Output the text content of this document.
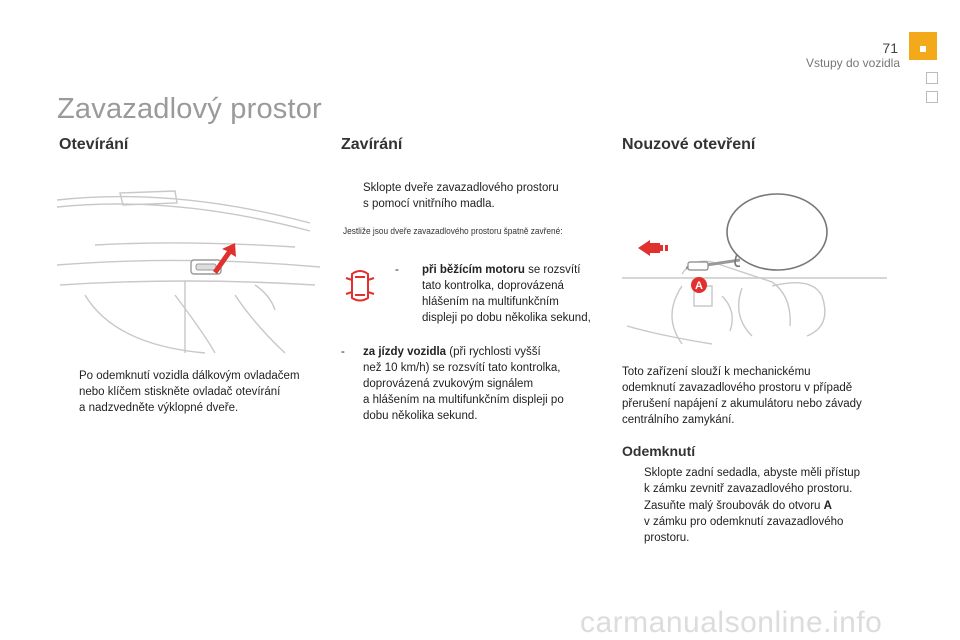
71
Vstupy do vozidla
Zavazadlový prostor
Otevírání
Po odemknutí vozidla dálkovým ovladačem
nebo klíčem stiskněte ovladač otevírání
a nadzvedněte výklopné dveře.
Zavírání
Sklopte dveře zavazadlového prostoru
s pomocí vnitřního madla.
Jestliže jsou dveře zavazadlového prostoru špatně zavřené:
- při běžícím motoru se rozsvítí
tato kontrolka, doprovázená
hlášením na multifunkčním
displeji po dobu několika sekund,
- za jízdy vozidla (při rychlosti vyšší
než 10 km/h) se rozsvítí tato kontrolka,
doprovázená zvukovým signálem
a hlášením na multifunkčním displeji po
dobu několika sekund.
Nouzové otevření
A
Toto zařízení slouží k mechanickému
odemknutí zavazadlového prostoru v případě
přerušení napájení z akumulátoru nebo závady
centrálního zamykání.
Odemknutí
Sklopte zadní sedadla, abyste měli přístup
k zámku zevnitř zavazadlového prostoru.
Zasuňte malý šroubovák do otvoru A
v zámku pro odemknutí zavazadlového
prostoru.
carmanualsonline.info
